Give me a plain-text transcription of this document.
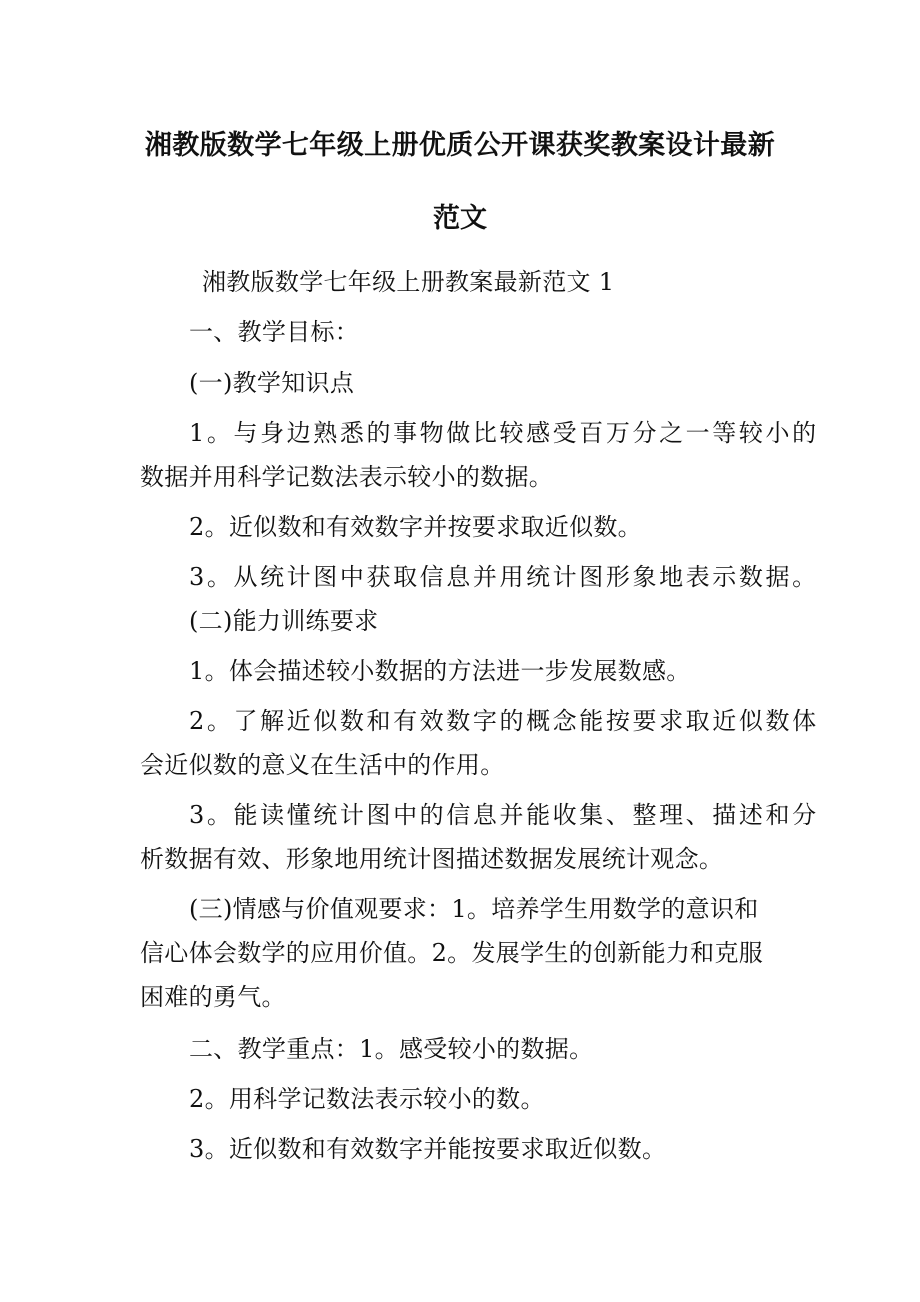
湘教版数学七年级上册优质公开课获奖教案设计最新
范文
湘教版数学七年级上册教案最新范文 1
一、教学目标：
(一)教学知识点
1。与身边熟悉的事物做比较感受百万分之一等较小的
数据并用科学记数法表示较小的数据。
2。近似数和有效数字并按要求取近似数。
3。从统计图中获取信息并用统计图形象地表示数据。
(二)能力训练要求
1。体会描述较小数据的方法进一步发展数感。
2。了解近似数和有效数字的概念能按要求取近似数体
会近似数的意义在生活中的作用。
3。能读懂统计图中的信息并能收集、整理、描述和分
析数据有效、形象地用统计图描述数据发展统计观念。
(三)情感与价值观要求：1。培养学生用数学的意识和
信心体会数学的应用价值。2。发展学生的创新能力和克服
困难的勇气。
二、教学重点：1。感受较小的数据。
2。用科学记数法表示较小的数。
3。近似数和有效数字并能按要求取近似数。
